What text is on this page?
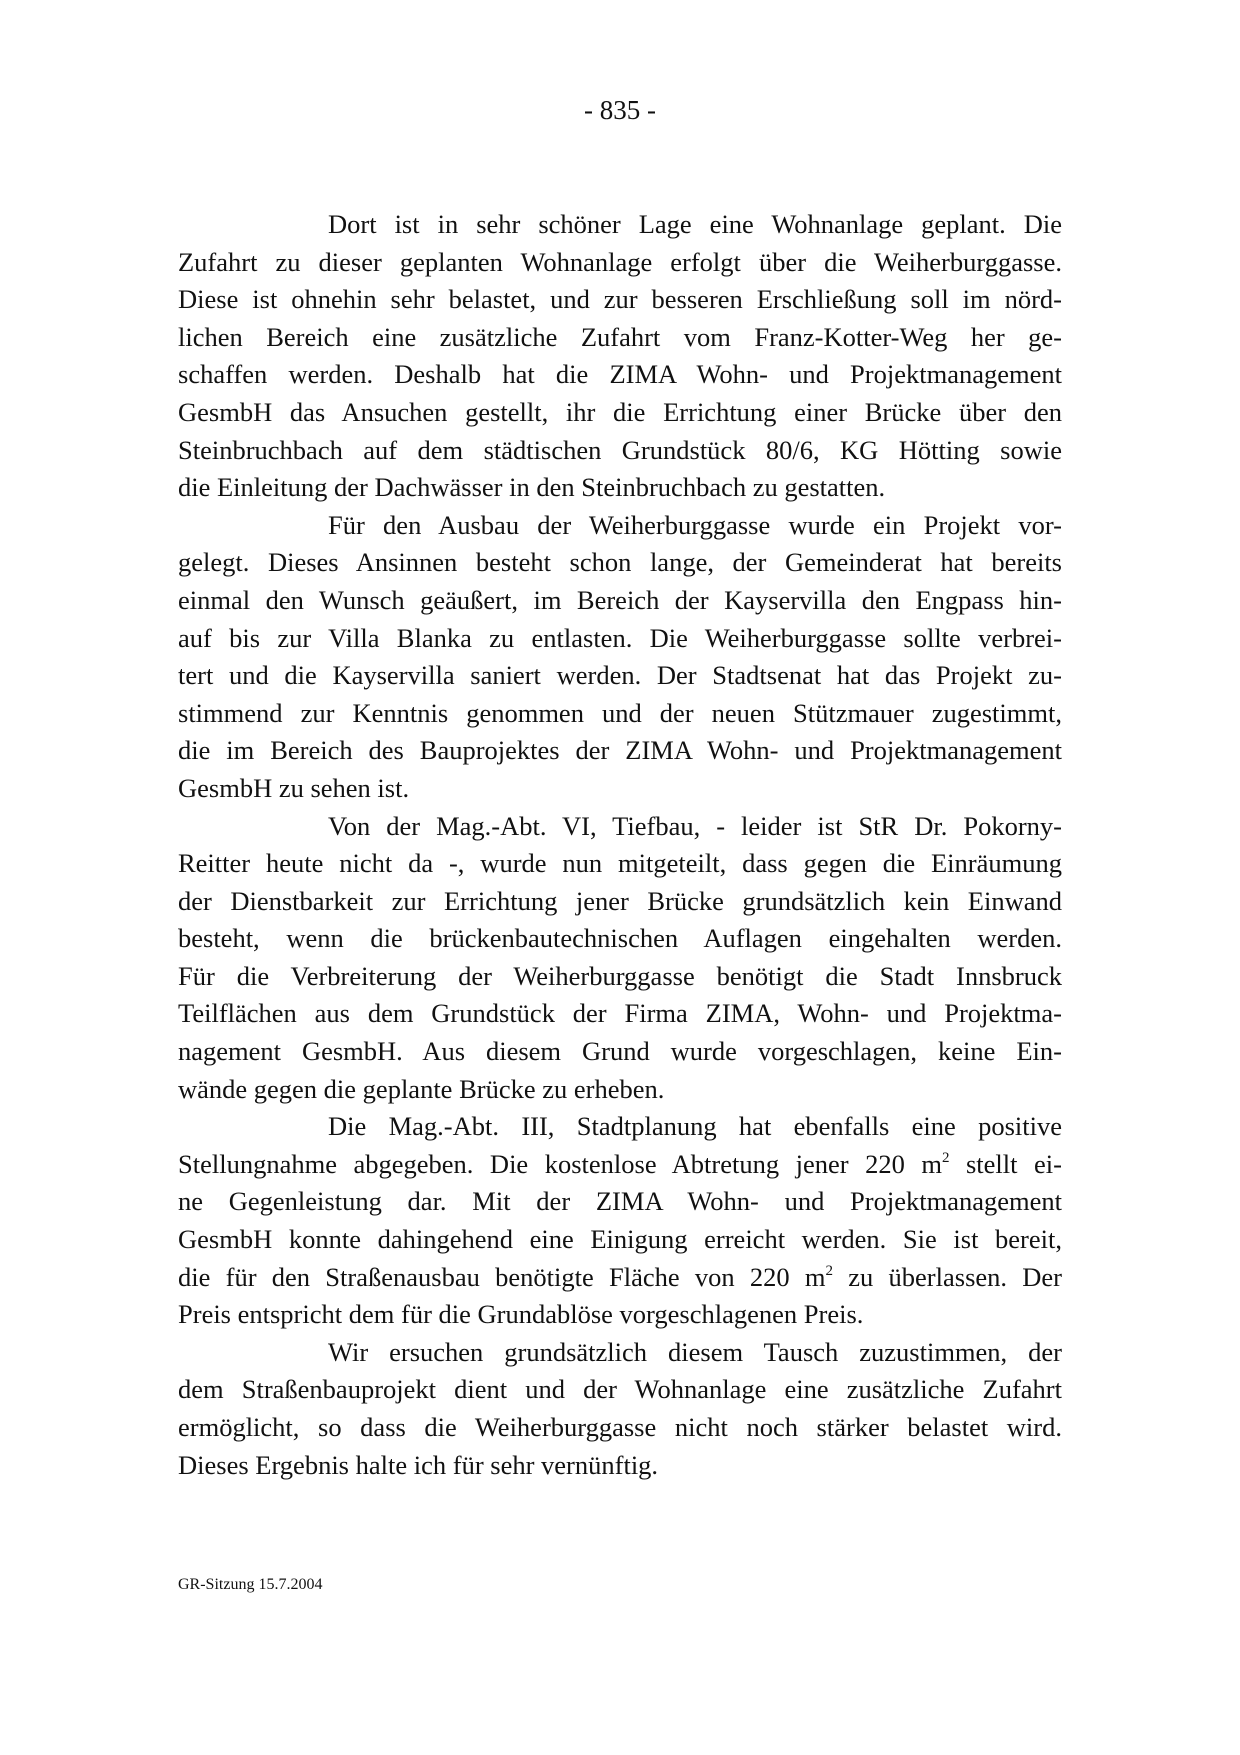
- 835 -
Dort ist in sehr schöner Lage eine Wohnanlage geplant. Die
Zufahrt zu dieser geplanten Wohnanlage erfolgt über die Weiherburggasse.
Diese ist ohnehin sehr belastet, und zur besseren Erschließung soll im nörd-
lichen Bereich eine zusätzliche Zufahrt vom Franz-Kotter-Weg her ge-
schaffen werden. Deshalb hat die ZIMA Wohn- und Projektmanagement
GesmbH das Ansuchen gestellt, ihr die Errichtung einer Brücke über den
Steinbruchbach auf dem städtischen Grundstück 80/6, KG Hötting sowie
die Einleitung der Dachwässer in den Steinbruchbach zu gestatten.
Für den Ausbau der Weiherburggasse wurde ein Projekt vor-
gelegt. Dieses Ansinnen besteht schon lange, der Gemeinderat hat bereits
einmal den Wunsch geäußert, im Bereich der Kayservilla den Engpass hin-
auf bis zur Villa Blanka zu entlasten. Die Weiherburggasse sollte verbrei-
tert und die Kayservilla saniert werden. Der Stadtsenat hat das Projekt zu-
stimmend zur Kenntnis genommen und der neuen Stützmauer zugestimmt,
die im Bereich des Bauprojektes der ZIMA Wohn- und Projektmanagement
GesmbH zu sehen ist.
Von der Mag.-Abt. VI, Tiefbau, - leider ist StR Dr. Pokorny-
Reitter heute nicht da -, wurde nun mitgeteilt, dass gegen die Einräumung
der Dienstbarkeit zur Errichtung jener Brücke grundsätzlich kein Einwand
besteht, wenn die brückenbautechnischen Auflagen eingehalten werden.
Für die Verbreiterung der Weiherburggasse benötigt die Stadt Innsbruck
Teilflächen aus dem Grundstück der Firma ZIMA, Wohn- und Projektma-
nagement GesmbH. Aus diesem Grund wurde vorgeschlagen, keine Ein-
wände gegen die geplante Brücke zu erheben.
Die Mag.-Abt. III, Stadtplanung hat ebenfalls eine positive
Stellungnahme abgegeben. Die kostenlose Abtretung jener 220 $m^2$ stellt ei-
ne Gegenleistung dar. Mit der ZIMA Wohn- und Projektmanagement
GesmbH konnte dahingehend eine Einigung erreicht werden. Sie ist bereit,
die für den Straßenausbau benötigte Fläche von 220 $m^2$ zu überlassen. Der
Preis entspricht dem für die Grundablöse vorgeschlagenen Preis.
Wir ersuchen grundsätzlich diesem Tausch zuzustimmen, der
dem Straßenbauprojekt dient und der Wohnanlage eine zusätzliche Zufahrt
ermöglicht, so dass die Weiherburggasse nicht noch stärker belastet wird.
Dieses Ergebnis halte ich für sehr vernünftig.
GR-Sitzung 15.7.2004
